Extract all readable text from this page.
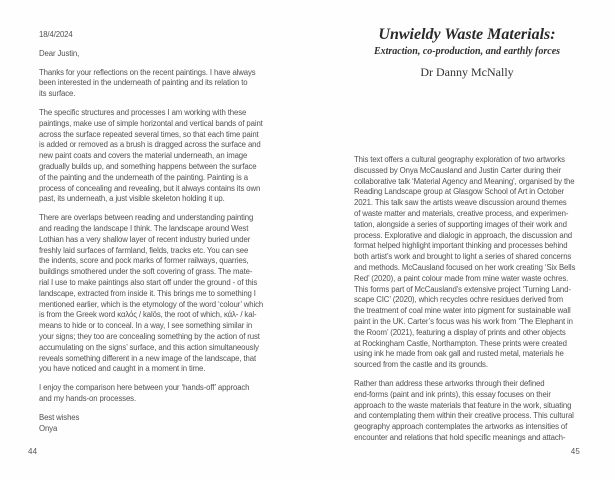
18/4/2024
Dear Justin,
Thanks for your reflections on the recent paintings. I have always
been interested in the underneath of painting and its relation to
its surface.
The specific structures and processes I am working with these
paintings, make use of simple horizontal and vertical bands of paint
across the surface repeated several times, so that each time paint
is added or removed as a brush is dragged across the surface and
new paint coats and covers the material underneath, an image
gradually builds up, and something happens between the surface
of the painting and the underneath of the painting. Painting is a
process of concealing and revealing, but it always contains its own
past, its underneath, a just visible skeleton holding it up.
There are overlaps between reading and understanding painting
and reading the landscape I think. The landscape around West
Lothian has a very shallow layer of recent industry buried under
freshly laid surfaces of farmland, fields, tracks etc. You can see
the indents, score and pock marks of former railways, quarries,
buildings smothered under the soft covering of grass. The mate-
rial I use to make paintings also start off under the ground - of this
landscape, extracted from inside it. This brings me to something I
mentioned earlier, which is the etymology of the word ‘colour’ which
is from the Greek word καλός / kalōs, the root of which, κάλ- / kal-
means to hide or to conceal. In a way, I see something similar in
your signs; they too are concealing something by the action of rust
accumulating on the signs’ surface, and this action simultaneously
reveals something different in a new image of the landscape, that
you have noticed and caught in a moment in time.
I enjoy the comparison here between your ‘hands-off’ approach
and my hands-on processes.
Best wishes
Onya
44
Unwieldy Waste Materials:
Extraction, co-production, and earthly forces
Dr Danny McNally
This text offers a cultural geography exploration of two artworks
discussed by Onya McCausland and Justin Carter during their
collaborative talk ‘Material Agency and Meaning’, organised by the
Reading Landscape group at Glasgow School of Art in October
2021. This talk saw the artists weave discussion around themes
of waste matter and materials, creative process, and experimen-
tation, alongside a series of supporting images of their work and
process. Explorative and dialogic in approach, the discussion and
format helped highlight important thinking and processes behind
both artist’s work and brought to light a series of shared concerns
and methods. McCausland focused on her work creating ‘Six Bells
Red’ (2020), a paint colour made from mine water waste ochres.
This forms part of McCausland’s extensive project ‘Turning Land-
scape CIC’ (2020), which recycles ochre residues derived from
the treatment of coal mine water into pigment for sustainable wall
paint in the UK. Carter’s focus was his work from ‘The Elephant in
the Room’ (2021), featuring a display of prints and other objects
at Rockingham Castle, Northampton. These prints were created
using ink he made from oak gall and rusted metal, materials he
sourced from the castle and its grounds.
Rather than address these artworks through their defined
end-forms (paint and ink prints), this essay focuses on their
approach to the waste materials that feature in the work, situating
and contemplating them within their creative process. This cultural
geography approach contemplates the artworks as intensities of
encounter and relations that hold specific meanings and attach-
45
